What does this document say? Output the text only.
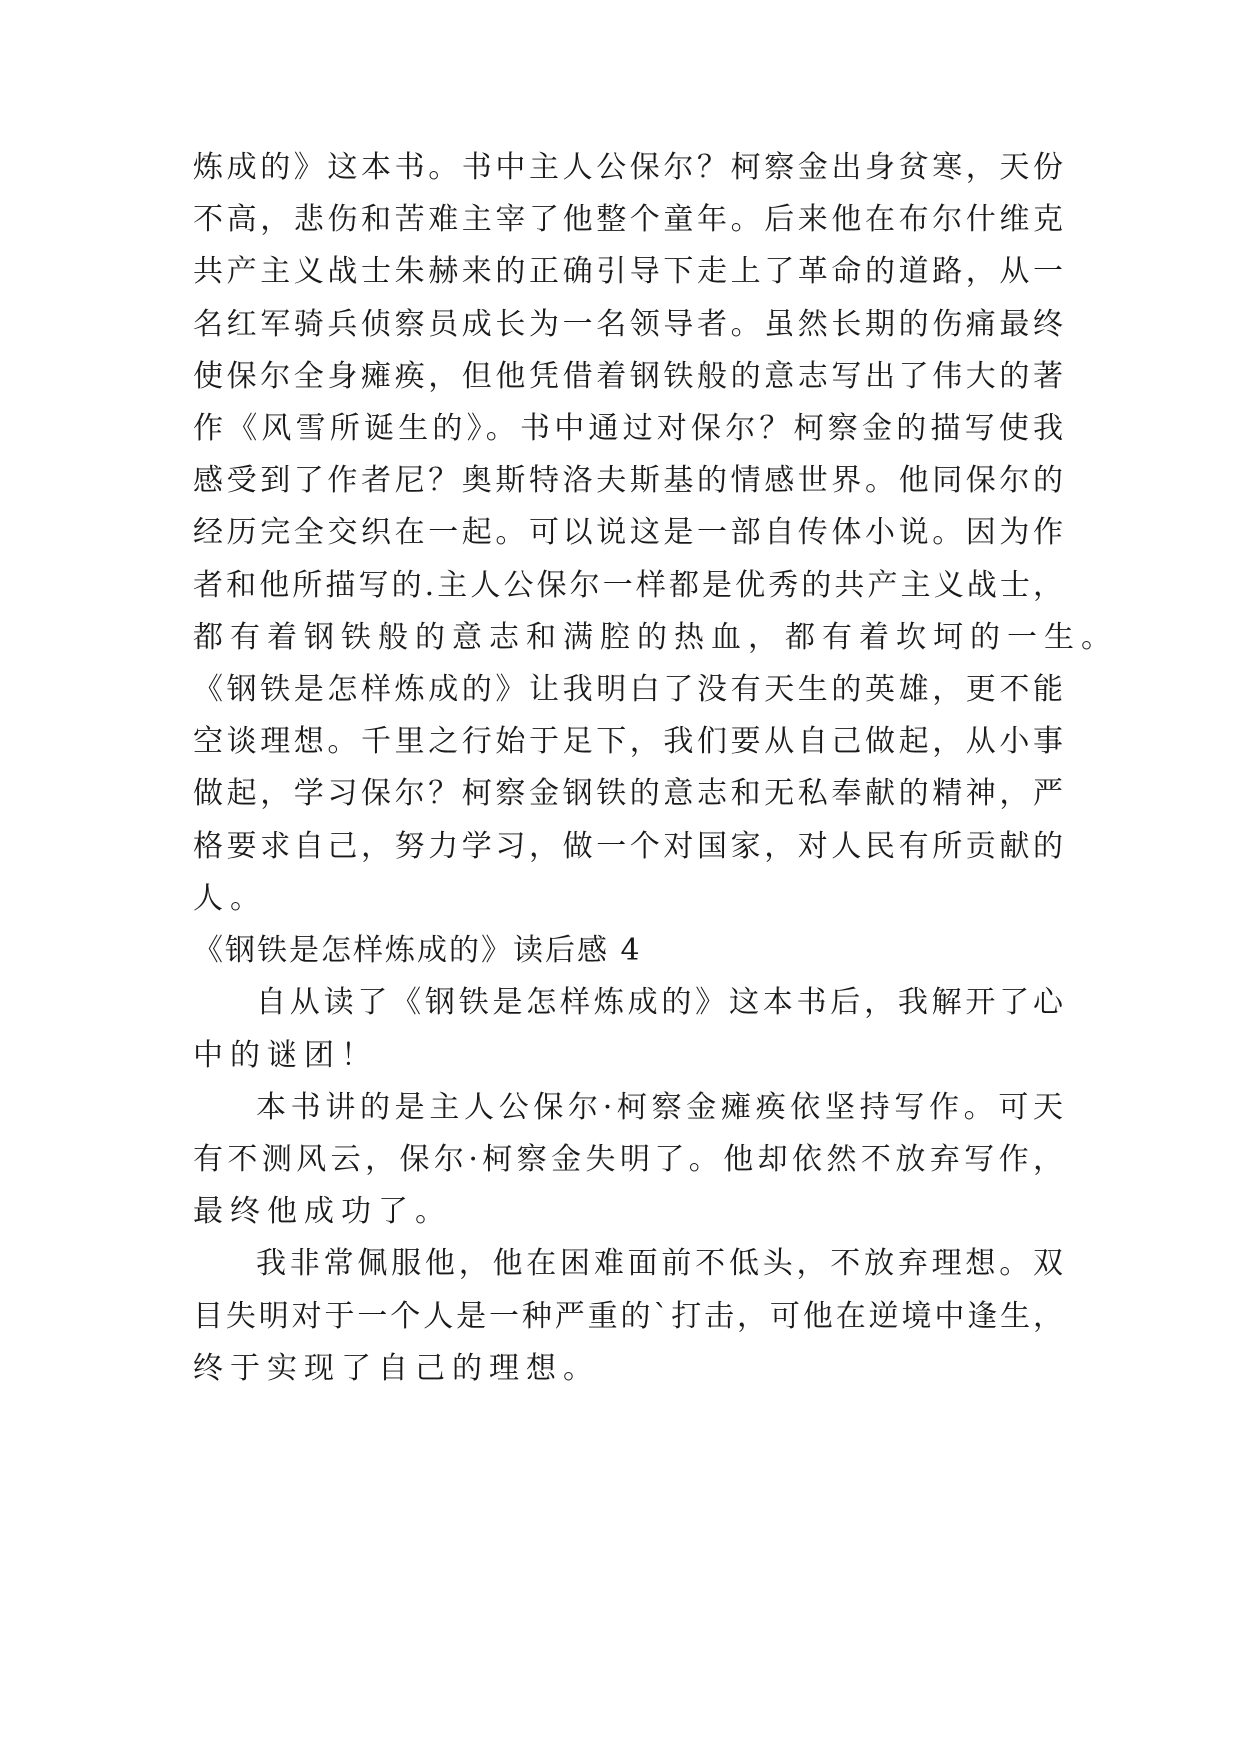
炼成的》这本书。书中主人公保尔？柯察金出身贫寒，天份
不高，悲伤和苦难主宰了他整个童年。后来他在布尔什维克
共产主义战士朱赫来的正确引导下走上了革命的道路，从一
名红军骑兵侦察员成长为一名领导者。虽然长期的伤痛最终
使保尔全身瘫痪，但他凭借着钢铁般的意志写出了伟大的著
作《风雪所诞生的》。书中通过对保尔？柯察金的描写使我
感受到了作者尼？奥斯特洛夫斯基的情感世界。他同保尔的
经历完全交织在一起。可以说这是一部自传体小说。因为作
者和他所描写的.主人公保尔一样都是优秀的共产主义战士，
都有着钢铁般的意志和满腔的热血，都有着坎坷的一生。
《钢铁是怎样炼成的》让我明白了没有天生的英雄，更不能
空谈理想。千里之行始于足下，我们要从自己做起，从小事
做起，学习保尔？柯察金钢铁的意志和无私奉献的精神，严
格要求自己，努力学习，做一个对国家，对人民有所贡献的
人。
《钢铁是怎样炼成的》读后感 4
自从读了《钢铁是怎样炼成的》这本书后，我解开了心
中的谜团！
本书讲的是主人公保尔·柯察金瘫痪依坚持写作。可天
有不测风云，保尔·柯察金失明了。他却依然不放弃写作，
最终他成功了。
我非常佩服他，他在困难面前不低头，不放弃理想。双
目失明对于一个人是一种严重的`打击，可他在逆境中逢生，
终于实现了自己的理想。
